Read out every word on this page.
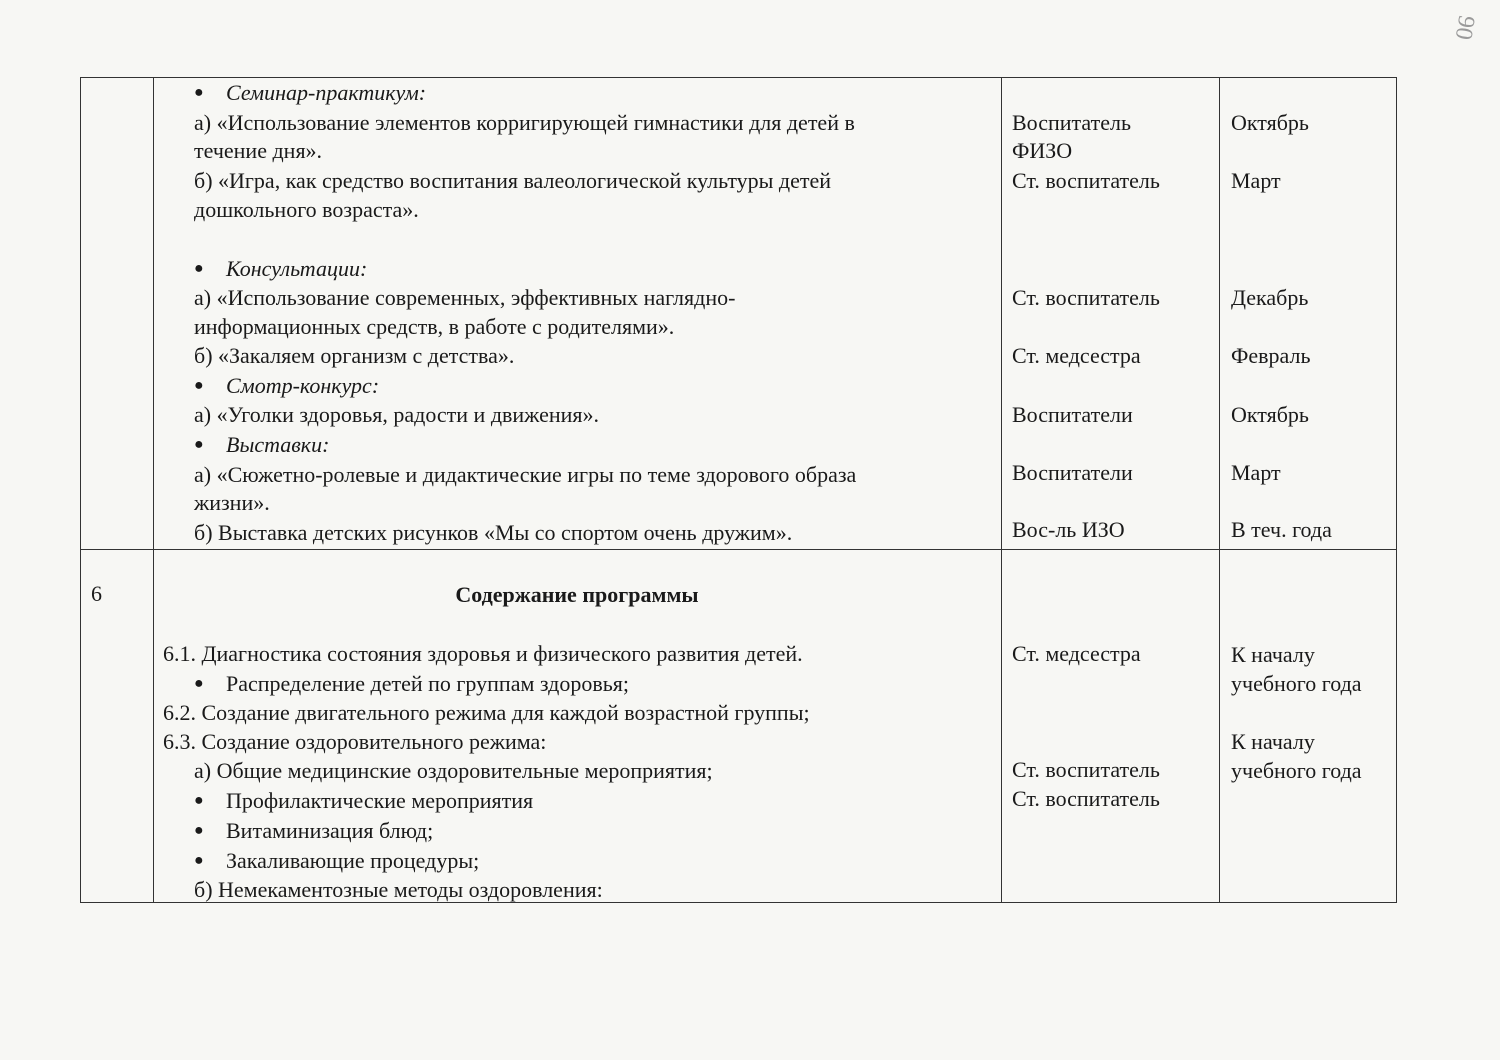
90
● Семинар-практикум:
а) «Использование элементов корригирующей гимнастики для детей в
течение дня».
б) «Игра, как средство воспитания валеологической культуры детей
дошкольного возраста».
● Консультации:
а) «Использование современных, эффективных наглядно-
информационных средств, в работе с родителями».
б) «Закаляем организм с детства».
● Смотр-конкурс:
а) «Уголки здоровья, радости и движения».
● Выставки:
а) «Сюжетно-ролевые и дидактические игры по теме здорового образа
жизни».
б) Выставка детских рисунков «Мы со спортом очень дружим».
Воспитатель
ФИЗО
Ст. воспитатель
Ст. воспитатель
Ст. медсестра
Воспитатели
Воспитатели
Вос-ль ИЗО
Октябрь
Март
Декабрь
Февраль
Октябрь
Март
В теч. года
6	Содержание программы
6.1. Диагностика состояния здоровья и физического развития детей.
● Распределение детей по группам здоровья;
6.2. Создание двигательного режима для каждой возрастной группы;
6.3. Создание оздоровительного режима:
а) Общие медицинские оздоровительные мероприятия;
● Профилактические мероприятия
● Витаминизация блюд;
● Закаливающие процедуры;
б) Немекаментозные методы оздоровления:
Ст. медсестра
Ст. воспитатель
Ст. воспитатель
К началу
учебного года
К началу
учебного года
